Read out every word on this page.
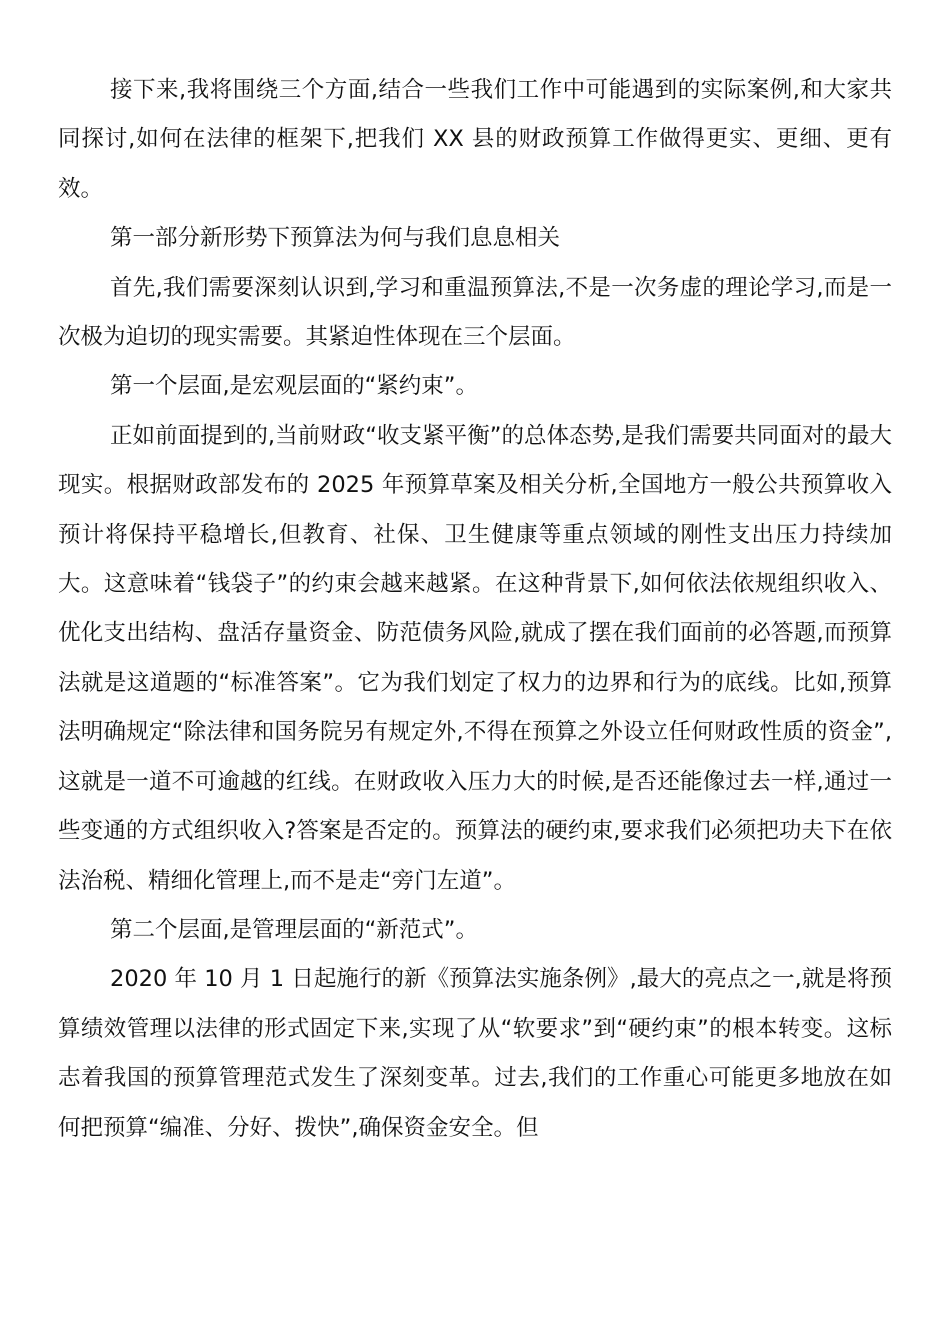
接下来,我将围绕三个方面,结合一些我们工作中可能遇到的实际案例,和大家共同探讨,如何在法律的框架下,把我们 XX 县的财政预算工作做得更实、更细、更有效。

第一部分新形势下预算法为何与我们息息相关

首先,我们需要深刻认识到,学习和重温预算法,不是一次务虚的理论学习,而是一次极为迫切的现实需要。其紧迫性体现在三个层面。

第一个层面,是宏观层面的“紧约束”。

正如前面提到的,当前财政“收支紧平衡”的总体态势,是我们需要共同面对的最大现实。根据财政部发布的 2025 年预算草案及相关分析,全国地方一般公共预算收入预计将保持平稳增长,但教育、社保、卫生健康等重点领域的刚性支出压力持续加大。这意味着“钱袋子”的约束会越来越紧。在这种背景下,如何依法依规组织收入、优化支出结构、盘活存量资金、防范债务风险,就成了摆在我们面前的必答题,而预算法就是这道题的“标准答案”。它为我们划定了权力的边界和行为的底线。比如,预算法明确规定“除法律和国务院另有规定外,不得在预算之外设立任何财政性质的资金”,这就是一道不可逾越的红线。在财政收入压力大的时候,是否还能像过去一样,通过一些变通的方式组织收入?答案是否定的。预算法的硬约束,要求我们必须把功夫下在依法治税、精细化管理上,而不是走“旁门左道”。

第二个层面,是管理层面的“新范式”。

2020 年 10 月 1 日起施行的新《预算法实施条例》,最大的亮点之一,就是将预算绩效管理以法律的形式固定下来,实现了从“软要求”到“硬约束”的根本转变。这标志着我国的预算管理范式发生了深刻变革。过去,我们的工作重心可能更多地放在如何把预算“编准、分好、拨快”,确保资金安全。但
